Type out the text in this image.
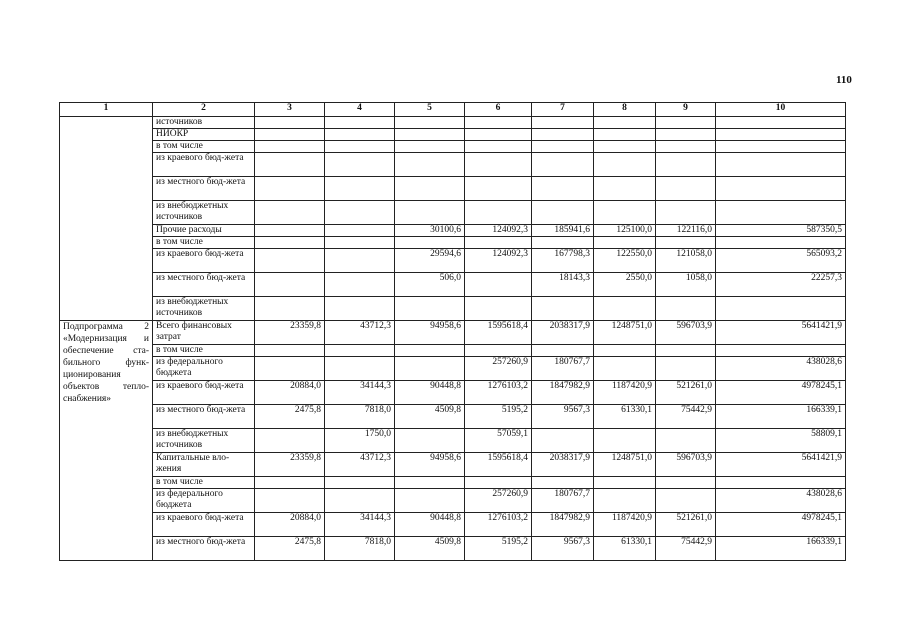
110
1	2	3	4	5	6	7	8	9	10
	источников								
	НИОКР								
	в том числе								
	из краевого бюд-жета								
	из местного бюд-жета								
	из внебюджетных источников								
	Прочие расходы			30100,6	124092,3	185941,6	125100,0	122116,0	587350,5
	в том числе								
	из краевого бюд-жета			29594,6	124092,3	167798,3	122550,0	121058,0	565093,2
	из местного бюд-жета			506,0		18143,3	2550,0	1058,0	22257,3
	из внебюджетных источников								
Подпрограмма 2 «Модернизация и обеспечение ста-бильного функ-ционирования объектов тепло-снабжения»	Всего финансовых затрат	23359,8	43712,3	94958,6	1595618,4	2038317,9	1248751,0	596703,9	5641421,9
	в том числе								
	из федерального бюджета				257260,9	180767,7			438028,6
	из краевого бюд-жета	20884,0	34144,3	90448,8	1276103,2	1847982,9	1187420,9	521261,0	4978245,1
	из местного бюд-жета	2475,8	7818,0	4509,8	5195,2	9567,3	61330,1	75442,9	166339,1
	из внебюджетных источников		1750,0		57059,1				58809,1
	Капитальные вло-жения	23359,8	43712,3	94958,6	1595618,4	2038317,9	1248751,0	596703,9	5641421,9
	в том числе								
	из федерального бюджета				257260,9	180767,7			438028,6
	из краевого бюд-жета	20884,0	34144,3	90448,8	1276103,2	1847982,9	1187420,9	521261,0	4978245,1
	из местного бюд-жета	2475,8	7818,0	4509,8	5195,2	9567,3	61330,1	75442,9	166339,1
